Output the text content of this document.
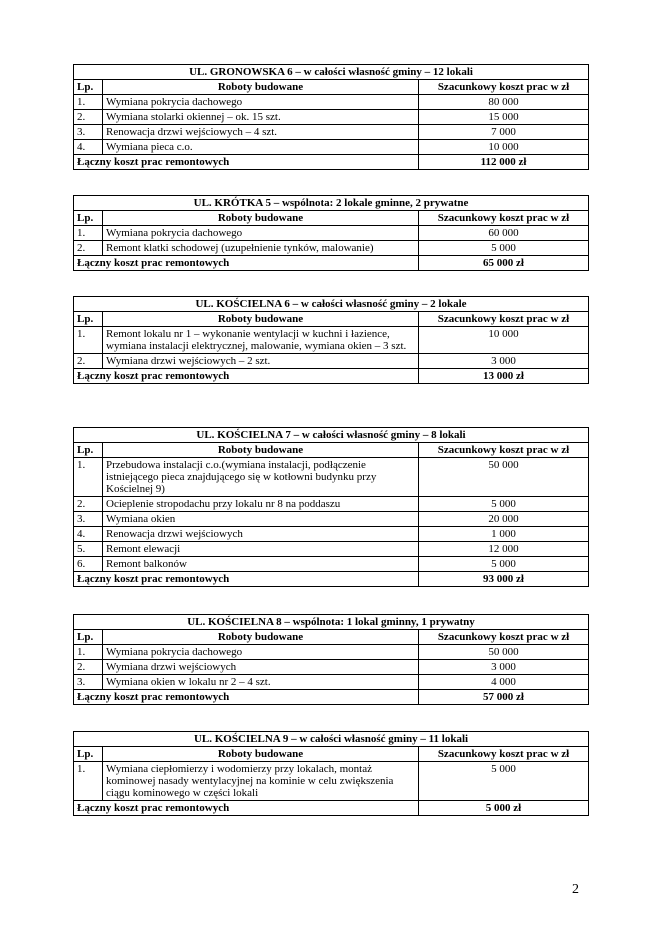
UL. GRONOWSKA 6 – w całości własność gminy – 12 lokali		
Lp.	Roboty budowane	Szacunkowy koszt prac w zł
1.	Wymiana pokrycia dachowego	80 000
2.	Wymiana stolarki okiennej – ok. 15 szt.	15 000
3.	Renowacja drzwi wejściowych – 4 szt.	7 000
4.	Wymiana pieca c.o.	10 000
Łączny koszt prac remontowych		112 000 zł
UL. KRÓTKA 5 – wspólnota: 2 lokale gminne, 2 prywatne		
Lp.	Roboty budowane	Szacunkowy koszt prac w zł
1.	Wymiana pokrycia dachowego	60 000
2.	Remont klatki schodowej (uzupełnienie tynków, malowanie)	5 000
Łączny koszt prac remontowych		65 000 zł
UL. KOŚCIELNA 6 – w całości własność gminy – 2 lokale		
Lp.	Roboty budowane	Szacunkowy koszt prac w zł
1.	Remont lokalu nr 1 – wykonanie wentylacji w kuchni i łazience, wymiana instalacji elektrycznej, malowanie, wymiana okien – 3 szt.	10 000
2.	Wymiana drzwi wejściowych – 2 szt.	3 000
Łączny koszt prac remontowych		13 000 zł
UL. KOŚCIELNA 7 – w całości własność gminy – 8 lokali		
Lp.	Roboty budowane	Szacunkowy koszt prac w zł
1.	Przebudowa instalacji c.o.(wymiana instalacji, podłączenie istniejącego pieca znajdującego się w kotłowni budynku przy Kościelnej 9)	50 000
2.	Ocieplenie stropodachu przy lokalu nr 8 na poddaszu	5 000
3.	Wymiana okien	20 000
4.	Renowacja drzwi wejściowych	1 000
5.	Remont elewacji	12 000
6.	Remont balkonów	5 000
Łączny koszt prac remontowych		93 000 zł
UL. KOŚCIELNA 8 – wspólnota: 1 lokal gminny, 1 prywatny		
Lp.	Roboty budowane	Szacunkowy koszt prac w zł
1.	Wymiana pokrycia dachowego	50 000
2.	Wymiana drzwi wejściowych	3 000
3.	Wymiana okien w lokalu nr 2 – 4 szt.	4 000
Łączny koszt prac remontowych		57 000 zł
UL. KOŚCIELNA 9 – w całości własność gminy – 11 lokali		
Lp.	Roboty budowane	Szacunkowy koszt prac w zł
1.	Wymiana ciepłomierzy i wodomierzy przy lokalach, montaż kominowej nasady wentylacyjnej na kominie w celu zwiększenia ciągu kominowego w części lokali	5 000
Łączny koszt prac remontowych		5 000 zł
2
